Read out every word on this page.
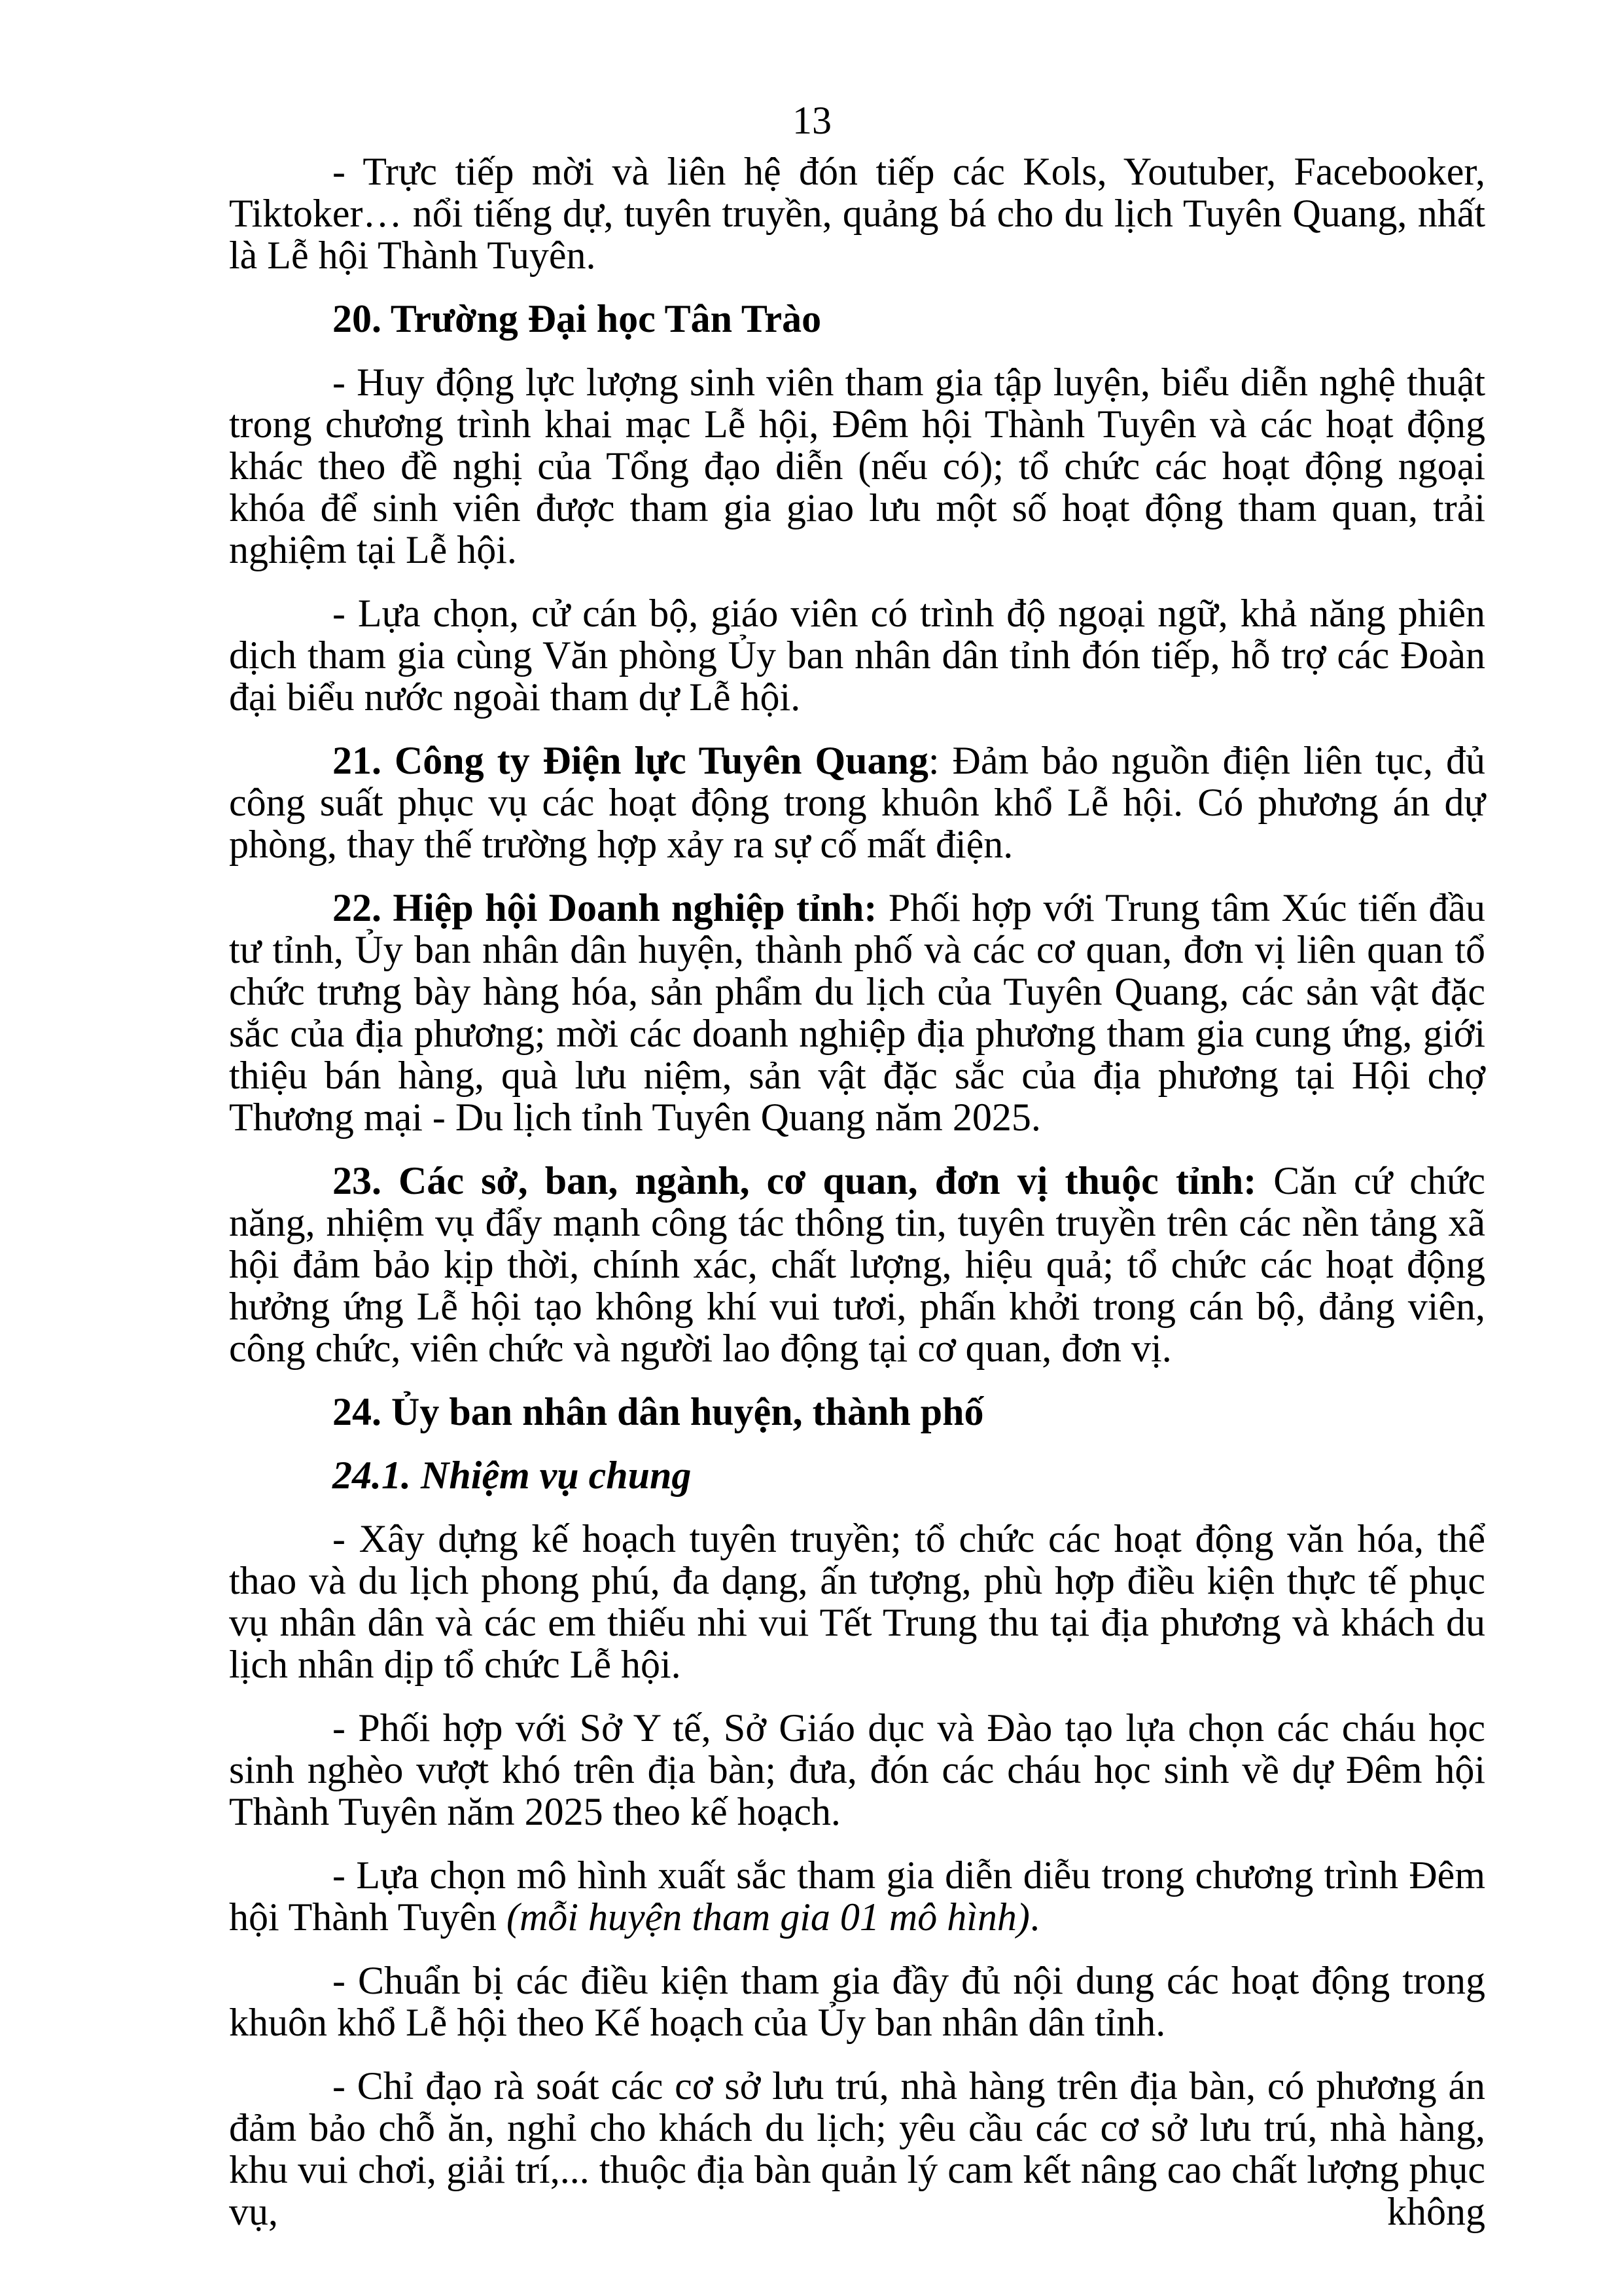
13

- Trực tiếp mời và liên hệ đón tiếp các Kols, Youtuber, Facebooker, Tiktoker… nổi tiếng dự, tuyên truyền, quảng bá cho du lịch Tuyên Quang, nhất là Lễ hội Thành Tuyên.

20. Trường Đại học Tân Trào

- Huy động lực lượng sinh viên tham gia tập luyện, biểu diễn nghệ thuật trong chương trình khai mạc Lễ hội, Đêm hội Thành Tuyên và các hoạt động khác theo đề nghị của Tổng đạo diễn (nếu có); tổ chức các hoạt động ngoại khóa để sinh viên được tham gia giao lưu một số hoạt động tham quan, trải nghiệm tại Lễ hội.

- Lựa chọn, cử cán bộ, giáo viên có trình độ ngoại ngữ, khả năng phiên dịch tham gia cùng Văn phòng Ủy ban nhân dân tỉnh đón tiếp, hỗ trợ các Đoàn đại biểu nước ngoài tham dự Lễ hội.

21. Công ty Điện lực Tuyên Quang: Đảm bảo nguồn điện liên tục, đủ công suất phục vụ các hoạt động trong khuôn khổ Lễ hội. Có phương án dự phòng, thay thế trường hợp xảy ra sự cố mất điện.

22. Hiệp hội Doanh nghiệp tỉnh: Phối hợp với Trung tâm Xúc tiến đầu tư tỉnh, Ủy ban nhân dân huyện, thành phố và các cơ quan, đơn vị liên quan tổ chức trưng bày hàng hóa, sản phẩm du lịch của Tuyên Quang, các sản vật đặc sắc của địa phương; mời các doanh nghiệp địa phương tham gia cung ứng, giới thiệu bán hàng, quà lưu niệm, sản vật đặc sắc của địa phương tại Hội chợ Thương mại - Du lịch tỉnh Tuyên Quang năm 2025.

23. Các sở, ban, ngành, cơ quan, đơn vị thuộc tỉnh: Căn cứ chức năng, nhiệm vụ đẩy mạnh công tác thông tin, tuyên truyền trên các nền tảng xã hội đảm bảo kịp thời, chính xác, chất lượng, hiệu quả; tổ chức các hoạt động hưởng ứng Lễ hội tạo không khí vui tươi, phấn khởi trong cán bộ, đảng viên, công chức, viên chức và người lao động tại cơ quan, đơn vị.

24. Ủy ban nhân dân huyện, thành phố

24.1. Nhiệm vụ chung

- Xây dựng kế hoạch tuyên truyền; tổ chức các hoạt động văn hóa, thể thao và du lịch phong phú, đa dạng, ấn tượng, phù hợp điều kiện thực tế phục vụ nhân dân và các em thiếu nhi vui Tết Trung thu tại địa phương và khách du lịch nhân dịp tổ chức Lễ hội.

- Phối hợp với Sở Y tế, Sở Giáo dục và Đào tạo lựa chọn các cháu học sinh nghèo vượt khó trên địa bàn; đưa, đón các cháu học sinh về dự Đêm hội Thành Tuyên năm 2025 theo kế hoạch.

- Lựa chọn mô hình xuất sắc tham gia diễn diễu trong chương trình Đêm hội Thành Tuyên (mỗi huyện tham gia 01 mô hình).

- Chuẩn bị các điều kiện tham gia đầy đủ nội dung các hoạt động trong khuôn khổ Lễ hội theo Kế hoạch của Ủy ban nhân dân tỉnh.

- Chỉ đạo rà soát các cơ sở lưu trú, nhà hàng trên địa bàn, có phương án đảm bảo chỗ ăn, nghỉ cho khách du lịch; yêu cầu các cơ sở lưu trú, nhà hàng, khu vui chơi, giải trí,... thuộc địa bàn quản lý cam kết nâng cao chất lượng phục vụ, không
